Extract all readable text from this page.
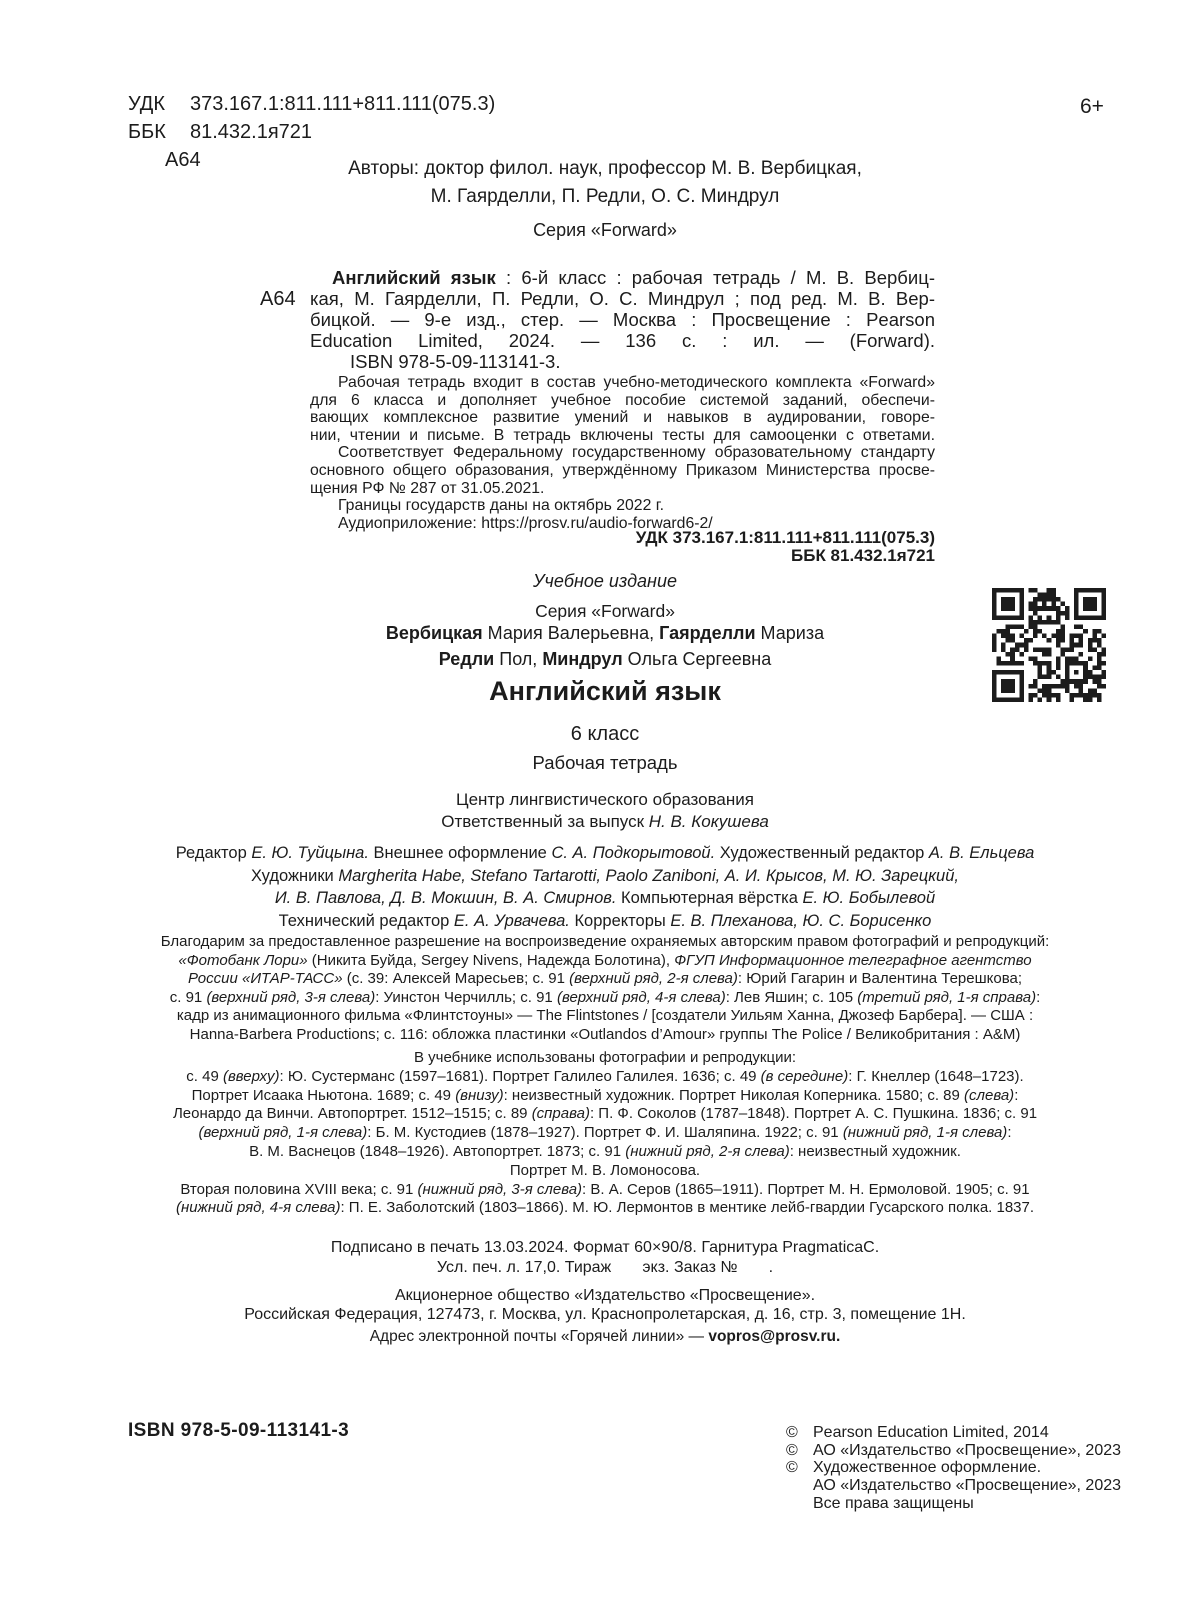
УДК 373.167.1:811.111+811.111(075.3)
ББК 81.432.1я721
А64
6+
Авторы: доктор филол. наук, профессор М. В. Вербицкая,
М. Гаярделли, П. Редли, О. С. Миндрул
Серия «Forward»
А64
Английский язык : 6-й класс : рабочая тетрадь / М. В. Вербиц-
кая, М. Гаярделли, П. Редли, О. С. Миндрул ; под ред. М. В. Вер-
бицкой. — 9-е изд., стер. — Москва : Просвещение : Pearson
Education Limited, 2024. — 136 с. : ил. — (Forward).
ISBN 978-5-09-113141-3.
Рабочая тетрадь входит в состав учебно-методического комплекта «Forward»
для 6 класса и дополняет учебное пособие системой заданий, обеспечи-
вающих комплексное развитие умений и навыков в аудировании, говоре-
нии, чтении и письме. В тетрадь включены тесты для самооценки с ответами.
Соответствует Федеральному государственному образовательному стандарту
основного общего образования, утверждённому Приказом Министерства просве-
щения РФ № 287 от 31.05.2021.
Границы государств даны на октябрь 2022 г.
Аудиоприложение: https://prosv.ru/audio-forward6-2/
УДК 373.167.1:811.111+811.111(075.3)
ББК 81.432.1я721
Учебное издание
Серия «Forward»
Вербицкая Мария Валерьевна, Гаярделли Мариза
Редли Пол, Миндрул Ольга Сергеевна
Английский язык
6 класс
Рабочая тетрадь
Центр лингвистического образования
Ответственный за выпуск Н. В. Кокушева
Редактор Е. Ю. Туйцына. Внешнее оформление С. А. Подкорытовой. Художественный редактор А. В. Ельцева
Художники Margherita Habe, Stefano Tartarotti, Paolo Zaniboni, А. И. Крысов, М. Ю. Зарецкий,
И. В. Павлова, Д. В. Мокшин, В. А. Смирнов. Компьютерная вёрстка Е. Ю. Бобылевой
Технический редактор Е. А. Урвачева. Корректоры Е. В. Плеханова, Ю. С. Борисенко
Благодарим за предоставленное разрешение на воспроизведение охраняемых авторским правом фотографий и репродукций:
«Фотобанк Лори» (Никита Буйда, Sergey Nivens, Надежда Болотина), ФГУП Информационное телеграфное агентство
России «ИТАР-ТАСС» (с. 39: Алексей Маресьев; с. 91 (верхний ряд, 2-я слева): Юрий Гагарин и Валентина Терешкова;
с. 91 (верхний ряд, 3-я слева): Уинстон Черчилль; с. 91 (верхний ряд, 4-я слева): Лев Яшин; с. 105 (третий ряд, 1-я справа):
кадр из анимационного фильма «Флинтстоуны» — The Flintstones / [создатели Уильям Ханна, Джозеф Барбера]. — США :
Hanna-Barbera Productions; с. 116: обложка пластинки «Outlandos d’Amour» группы The Police / Великобритания : A&M)
В учебнике использованы фотографии и репродукции:
с. 49 (вверху): Ю. Сустерманс (1597–1681). Портрет Галилео Галилея. 1636; с. 49 (в середине): Г. Кнеллер (1648–1723).
Портрет Исаака Ньютона. 1689; с. 49 (внизу): неизвестный художник. Портрет Николая Коперника. 1580; с. 89 (слева):
Леонардо да Винчи. Автопортрет. 1512–1515; с. 89 (справа): П. Ф. Соколов (1787–1848). Портрет А. С. Пушкина. 1836; с. 91
(верхний ряд, 1-я слева): Б. М. Кустодиев (1878–1927). Портрет Ф. И. Шаляпина. 1922; с. 91 (нижний ряд, 1-я слева):
В. М. Васнецов (1848–1926). Автопортрет. 1873; с. 91 (нижний ряд, 2-я слева): неизвестный художник.
Портрет М. В. Ломоносова.
Вторая половина XVIII века; с. 91 (нижний ряд, 3-я слева): В. А. Серов (1865–1911). Портрет М. Н. Ермоловой. 1905; с. 91
(нижний ряд, 4-я слева): П. Е. Заболотский (1803–1866). М. Ю. Лермонтов в ментике лейб-гвардии Гусарского полка. 1837.
Подписано в печать 13.03.2024. Формат 60×90/8. Гарнитура PragmaticaC.
Усл. печ. л. 17,0. Тираж       экз. Заказ №       .
Акционерное общество «Издательство «Просвещение».
Российская Федерация, 127473, г. Москва, ул. Краснопролетарская, д. 16, стр. 3, помещение 1Н.
Адрес электронной почты «Горячей линии» — vopros@prosv.ru.
ISBN 978-5-09-113141-3	© Pearson Education Limited, 2014
© АО «Издательство «Просвещение», 2023
© Художественное оформление.
АО «Издательство «Просвещение», 2023
Все права защищены
